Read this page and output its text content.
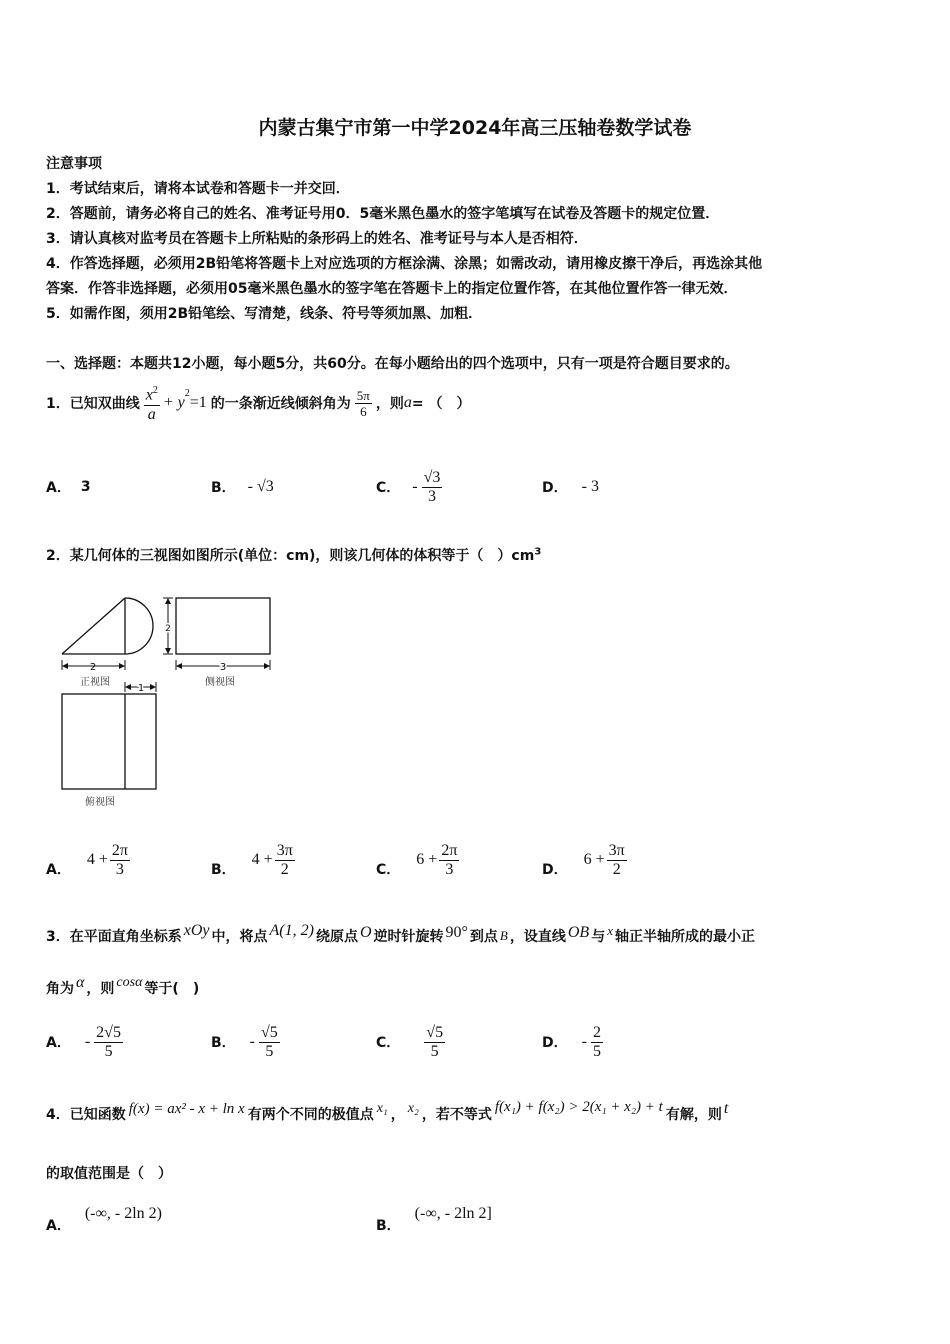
内蒙古集宁市第一中学2024年高三压轴卷数学试卷
注意事项
1．考试结束后，请将本试卷和答题卡一并交回．
2．答题前，请务必将自己的姓名、准考证号用0．5毫米黑色墨水的签字笔填写在试卷及答题卡的规定位置．
3．请认真核对监考员在答题卡上所粘贴的条形码上的姓名、准考证号与本人是否相符．
4．作答选择题，必须用2B铅笔将答题卡上对应选项的方框涂满、涂黑；如需改动，请用橡皮擦干净后，再选涂其他
答案．作答非选择题，必须用05毫米黑色墨水的签字笔在答题卡上的指定位置作答，在其他位置作答一律无效．
5．如需作图，须用2B铅笔绘、写清楚，线条、符号等须加黑、加粗．
一、选择题：本题共12小题，每小题5分，共60分。在每小题给出的四个选项中，只有一项是符合题目要求的。
1．已知双曲线 $\frac{x^2}{a} + y$
$^2$
=1 的一条渐近线倾斜角为 $\frac{5\pi}{6}$ ，则 a = （　）
A． 3	B． - √3	C． - $\frac{√3}{3}$	D． - 3
2．某几何体的三视图如图所示(单位：cm)，则该几何体的体积等于（　）$cm^3$
2
正视图
2
3
侧视图
1
俯视图
A．
$4 + \frac{2\pi}{3}$	B．
$4 + \frac{3\pi}{2}$	C．
$6 + \frac{2\pi}{3}$	D．
$6 + \frac{3\pi}{2}$
3．在平面直角坐标系 xOy 中，将点 A(1, 2) 绕原点 O 逆时针旋转 90° 到点 B ，设直线 OB 与 x 轴正半轴所成的最小正
角为 α ，则 cosα 等于(　)
A． - $\frac{2√5}{5}$	B． - $\frac{√5}{5}$	C． $\frac{√5}{5}$	D． - $\frac{2}{5}$
4．已知函数 f(x) = ax² - x + ln x 有两个不同的极值点 x₁ ， x₂ ，若不等式
f(x₁) + f(x₂) > 2(x₁ + x₂) + t
有解，则 t
的取值范围是（　）
A．
(-∞, - 2ln 2)
B．
(-∞, - 2ln 2]
